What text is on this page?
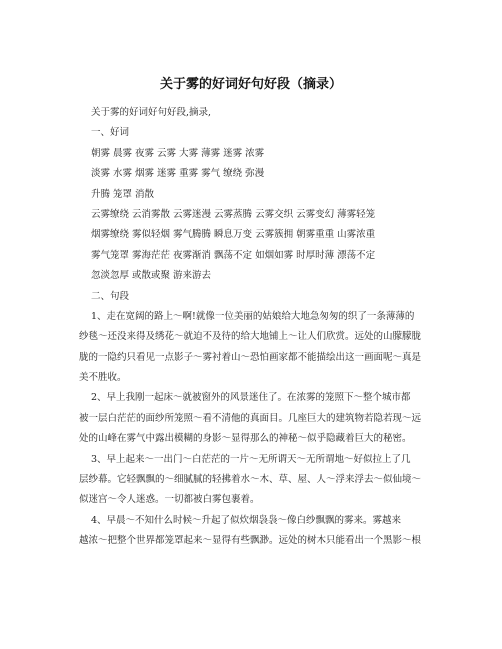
关于雾的好词好句好段（摘录）
关于雾的好词好句好段,摘录,
一、好词
朝雾 晨雾 夜雾 云雾 大雾 薄雾 迷雾 浓雾
淡雾 水雾 烟雾 迷雾 重雾 雾气 缭绕 弥漫
升腾 笼罩 消散
云雾缭绕 云消雾散 云雾迷漫 云雾蒸腾 云雾交织 云雾变幻 薄雾轻笼
烟雾缭绕 雾似轻烟 雾气腾腾 瞬息万变 云雾簇拥 朝雾重重 山雾浓重
雾气笼罩 雾海茫茫 夜雾渐消 飘荡不定 如烟如雾 时厚时薄 漂荡不定
忽淡忽厚 或散或聚 游来游去
二、句段
1、走在宽阔的路上～啊!就像一位美丽的姑娘给大地急匆匆的织了一条薄薄的
纱毯～还没来得及绣花～就迫不及待的给大地铺上～让人们欣赏。远处的山朦朦胧
胧的一隐约只看见一点影子～雾衬着山～恐怕画家都不能描绘出这一画面呢～真是
美不胜收。
2、早上我刚一起床～就被窗外的风景迷住了。在浓雾的笼照下～整个城市都
被一层白茫茫的面纱所笼照～看不清他的真面目。几座巨大的建筑物若隐若现～远
处的山峰在雾气中露出模糊的身影～显得那么的神秘～似乎隐藏着巨大的秘密。
3、早上起来～一出门～白茫茫的一片～无所谓天～无所谓地～好似拉上了几
层纱幕。它轻飘飘的～细腻腻的轻拂着水～木、草、屋、人～浮来浮去～似仙境～
似迷宫～令人迷惑。一切都被白雾包裹着。
4、早晨～不知什么时候～升起了似炊烟袅袅～像白纱飘飘的雾来。雾越来
越浓～把整个世界都笼罩起来～显得有些飘渺。远处的树木只能看出一个黑影～根
